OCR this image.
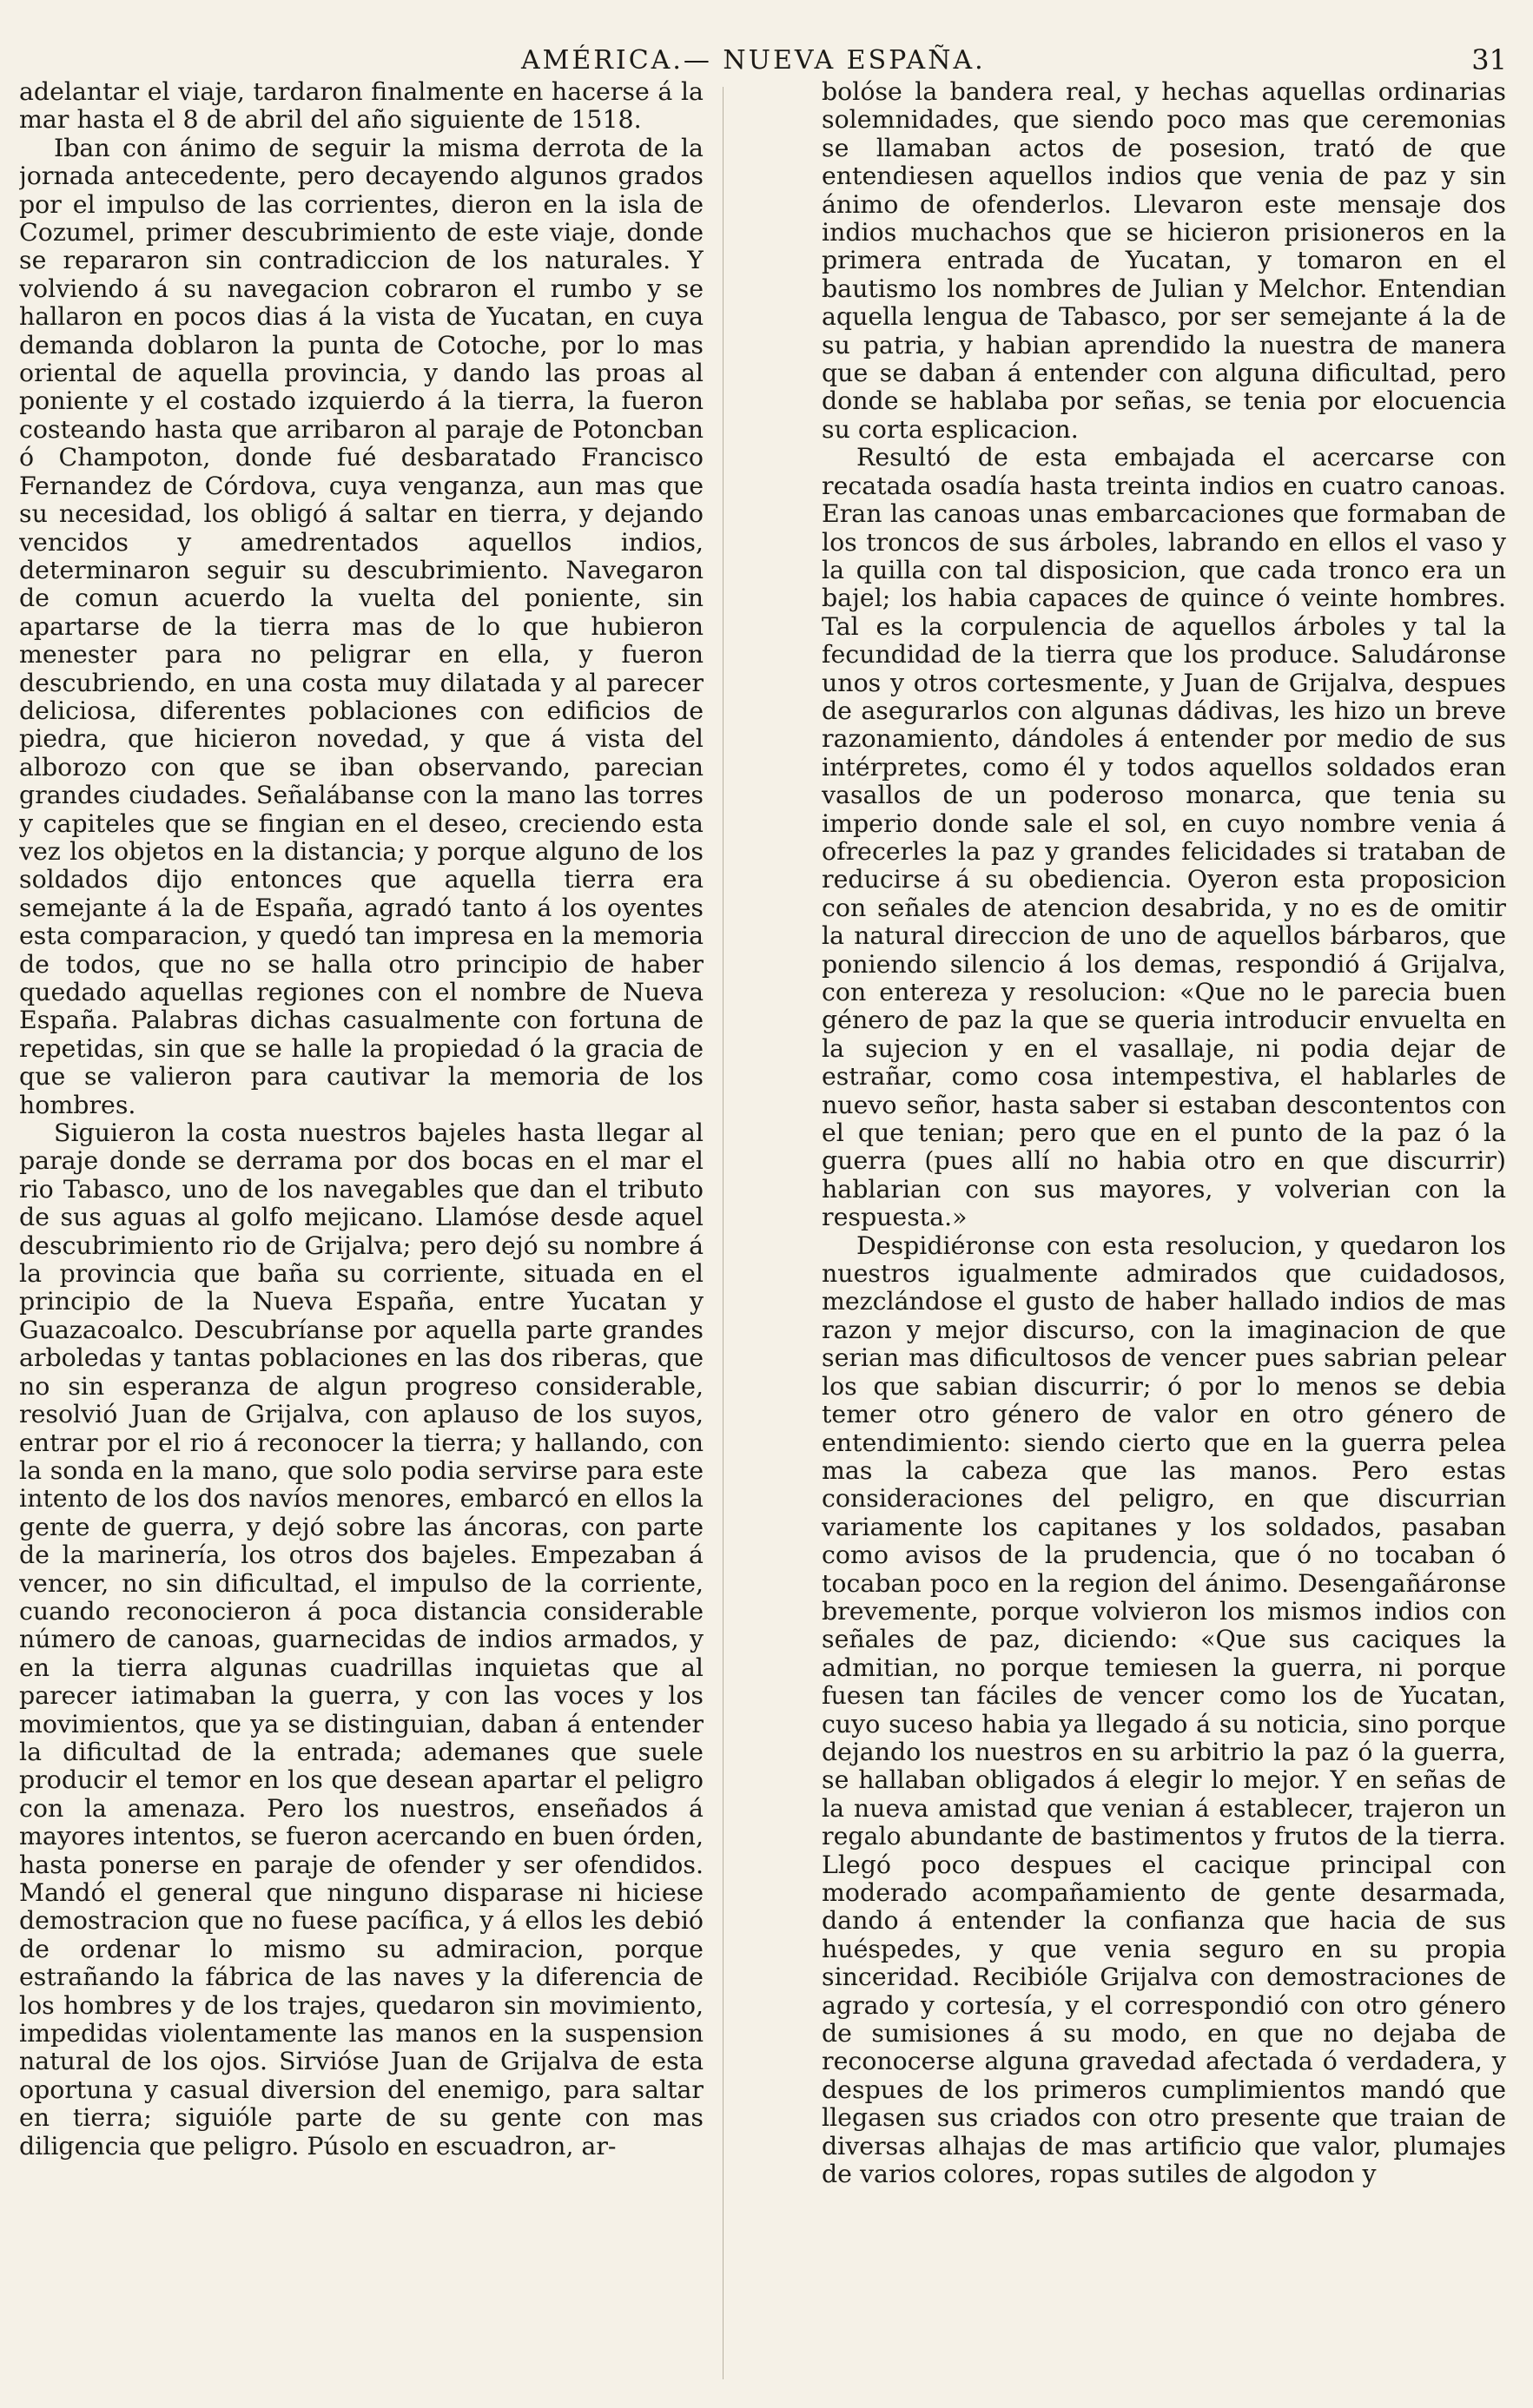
AMÉRICA.— NUEVA ESPAÑA.	31

adelantar el viaje, tardaron finalmente en hacerse á la mar hasta el 8 de abril del año siguiente de 1518.

Iban con ánimo de seguir la misma derrota de la jornada antecedente, pero decayendo algunos grados por el impulso de las corrientes, dieron en la isla de Cozumel, primer descubrimiento de este viaje, donde se repararon sin contradiccion de los naturales. Y volviendo á su navegacion cobraron el rumbo y se hallaron en pocos dias á la vista de Yucatan, en cuya demanda doblaron la punta de Cotoche, por lo mas oriental de aquella provincia, y dando las proas al poniente y el costado izquierdo á la tierra, la fueron costeando hasta que arribaron al paraje de Potoncban ó Champoton, donde fué desbaratado Francisco Fernandez de Córdova, cuya venganza, aun mas que su necesidad, los obligó á saltar en tierra, y dejando vencidos y amedrentados aquellos indios, determinaron seguir su descubrimiento. Navegaron de comun acuerdo la vuelta del poniente, sin apartarse de la tierra mas de lo que hubieron menester para no peligrar en ella, y fueron descubriendo, en una costa muy dilatada y al parecer deliciosa, diferentes poblaciones con edificios de piedra, que hicieron novedad, y que á vista del alborozo con que se iban observando, parecian grandes ciudades. Señalábanse con la mano las torres y capiteles que se fingian en el deseo, creciendo esta vez los objetos en la distancia; y porque alguno de los soldados dijo entonces que aquella tierra era semejante á la de España, agradó tanto á los oyentes esta comparacion, y quedó tan impresa en la memoria de todos, que no se halla otro principio de haber quedado aquellas regiones con el nombre de Nueva España. Palabras dichas casualmente con fortuna de repetidas, sin que se halle la propiedad ó la gracia de que se valieron para cautivar la memoria de los hombres.

Siguieron la costa nuestros bajeles hasta llegar al paraje donde se derrama por dos bocas en el mar el rio Tabasco, uno de los navegables que dan el tributo de sus aguas al golfo mejicano. Llamóse desde aquel descubrimiento rio de Grijalva; pero dejó su nombre á la provincia que baña su corriente, situada en el principio de la Nueva España, entre Yucatan y Guazacoalco. Descubríanse por aquella parte grandes arboledas y tantas poblaciones en las dos riberas, que no sin esperanza de algun progreso considerable, resolvió Juan de Grijalva, con aplauso de los suyos, entrar por el rio á reconocer la tierra; y hallando, con la sonda en la mano, que solo podia servirse para este intento de los dos navíos menores, embarcó en ellos la gente de guerra, y dejó sobre las áncoras, con parte de la marinería, los otros dos bajeles. Empezaban á vencer, no sin dificultad, el impulso de la corriente, cuando reconocieron á poca distancia considerable número de canoas, guarnecidas de indios armados, y en la tierra algunas cuadrillas inquietas que al parecer iatimaban la guerra, y con las voces y los movimientos, que ya se distinguian, daban á entender la dificultad de la entrada; ademanes que suele producir el temor en los que desean apartar el peligro con la amenaza. Pero los nuestros, enseñados á mayores intentos, se fueron acercando en buen órden, hasta ponerse en paraje de ofender y ser ofendidos. Mandó el general que ninguno disparase ni hiciese demostracion que no fuese pacífica, y á ellos les debió de ordenar lo mismo su admiracion, porque estrañando la fábrica de las naves y la diferencia de los hombres y de los trajes, quedaron sin movimiento, impedidas violentamente las manos en la suspension natural de los ojos. Sirvióse Juan de Grijalva de esta oportuna y casual diversion del enemigo, para saltar en tierra; siguióle parte de su gente con mas diligencia que peligro. Púsolo en escuadron, ar-

bolóse la bandera real, y hechas aquellas ordinarias solemnidades, que siendo poco mas que ceremonias se llamaban actos de posesion, trató de que entendiesen aquellos indios que venia de paz y sin ánimo de ofenderlos. Llevaron este mensaje dos indios muchachos que se hicieron prisioneros en la primera entrada de Yucatan, y tomaron en el bautismo los nombres de Julian y Melchor. Entendian aquella lengua de Tabasco, por ser semejante á la de su patria, y habian aprendido la nuestra de manera que se daban á entender con alguna dificultad, pero donde se hablaba por señas, se tenia por elocuencia su corta esplicacion.

Resultó de esta embajada el acercarse con recatada osadía hasta treinta indios en cuatro canoas. Eran las canoas unas embarcaciones que formaban de los troncos de sus árboles, labrando en ellos el vaso y la quilla con tal disposicion, que cada tronco era un bajel; los habia capaces de quince ó veinte hombres. Tal es la corpulencia de aquellos árboles y tal la fecundidad de la tierra que los produce. Saludáronse unos y otros cortesmente, y Juan de Grijalva, despues de asegurarlos con algunas dádivas, les hizo un breve razonamiento, dándoles á entender por medio de sus intérpretes, como él y todos aquellos soldados eran vasallos de un poderoso monarca, que tenia su imperio donde sale el sol, en cuyo nombre venia á ofrecerles la paz y grandes felicidades si trataban de reducirse á su obediencia. Oyeron esta proposicion con señales de atencion desabrida, y no es de omitir la natural direccion de uno de aquellos bárbaros, que poniendo silencio á los demas, respondió á Grijalva, con entereza y resolucion: «Que no le parecia buen género de paz la que se queria introducir envuelta en la sujecion y en el vasallaje, ni podia dejar de estrañar, como cosa intempestiva, el hablarles de nuevo señor, hasta saber si estaban descontentos con el que tenian; pero que en el punto de la paz ó la guerra (pues allí no habia otro en que discurrir) hablarian con sus mayores, y volverian con la respuesta.»

Despidiéronse con esta resolucion, y quedaron los nuestros igualmente admirados que cuidadosos, mezclándose el gusto de haber hallado indios de mas razon y mejor discurso, con la imaginacion de que serian mas dificultosos de vencer pues sabrian pelear los que sabian discurrir; ó por lo menos se debia temer otro género de valor en otro género de entendimiento: siendo cierto que en la guerra pelea mas la cabeza que las manos. Pero estas consideraciones del peligro, en que discurrian variamente los capitanes y los soldados, pasaban como avisos de la prudencia, que ó no tocaban ó tocaban poco en la region del ánimo. Desengañáronse brevemente, porque volvieron los mismos indios con señales de paz, diciendo: «Que sus caciques la admitian, no porque temiesen la guerra, ni porque fuesen tan fáciles de vencer como los de Yucatan, cuyo suceso habia ya llegado á su noticia, sino porque dejando los nuestros en su arbitrio la paz ó la guerra, se hallaban obligados á elegir lo mejor. Y en señas de la nueva amistad que venian á establecer, trajeron un regalo abundante de bastimentos y frutos de la tierra. Llegó poco despues el cacique principal con moderado acompañamiento de gente desarmada, dando á entender la confianza que hacia de sus huéspedes, y que venia seguro en su propia sinceridad. Recibióle Grijalva con demostraciones de agrado y cortesía, y el correspondió con otro género de sumisiones á su modo, en que no dejaba de reconocerse alguna gravedad afectada ó verdadera, y despues de los primeros cumplimientos mandó que llegasen sus criados con otro presente que traian de diversas alhajas de mas artificio que valor, plumajes de varios colores, ropas sutiles de algodon y
